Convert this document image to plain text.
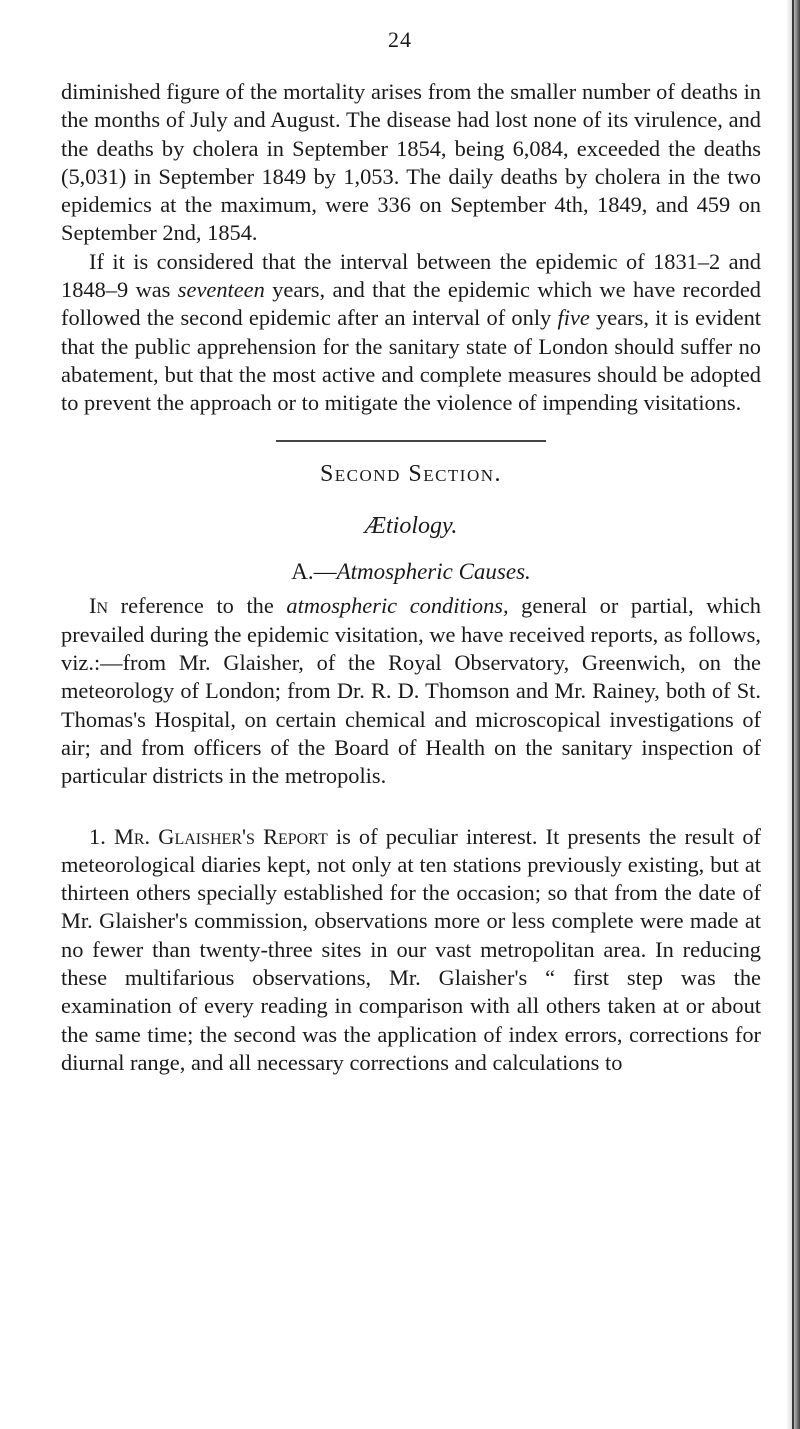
24

diminished figure of the mortality arises from the smaller number of deaths in the months of July and August. The disease had lost none of its virulence, and the deaths by cholera in September 1854, being 6,084, exceeded the deaths (5,031) in September 1849 by 1,053. The daily deaths by cholera in the two epidemics at the maximum, were 336 on September 4th, 1849, and 459 on September 2nd, 1854.

If it is considered that the interval between the epidemic of 1831–2 and 1848–9 was seventeen years, and that the epidemic which we have recorded followed the second epidemic after an interval of only five years, it is evident that the public apprehension for the sanitary state of London should suffer no abatement, but that the most active and complete measures should be adopted to prevent the approach or to mitigate the violence of impending visitations.

Second Section.
Ætiology.
A.—Atmospheric Causes.

In reference to the atmospheric conditions, general or partial, which prevailed during the epidemic visitation, we have received reports, as follows, viz.:—from Mr. Glaisher, of the Royal Observatory, Greenwich, on the meteorology of London; from Dr. R. D. Thomson and Mr. Rainey, both of St. Thomas's Hospital, on certain chemical and microscopical investigations of air; and from officers of the Board of Health on the sanitary inspection of particular districts in the metropolis.

1. Mr. Glaisher's Report is of peculiar interest. It presents the result of meteorological diaries kept, not only at ten stations previously existing, but at thirteen others specially established for the occasion; so that from the date of Mr. Glaisher's commission, observations more or less complete were made at no fewer than twenty-three sites in our vast metropolitan area. In reducing these multifarious observations, Mr. Glaisher's “ first step was the examination of every reading in comparison with all others taken at or about the same time; the second was the application of index errors, corrections for diurnal range, and all necessary corrections and calculations to
